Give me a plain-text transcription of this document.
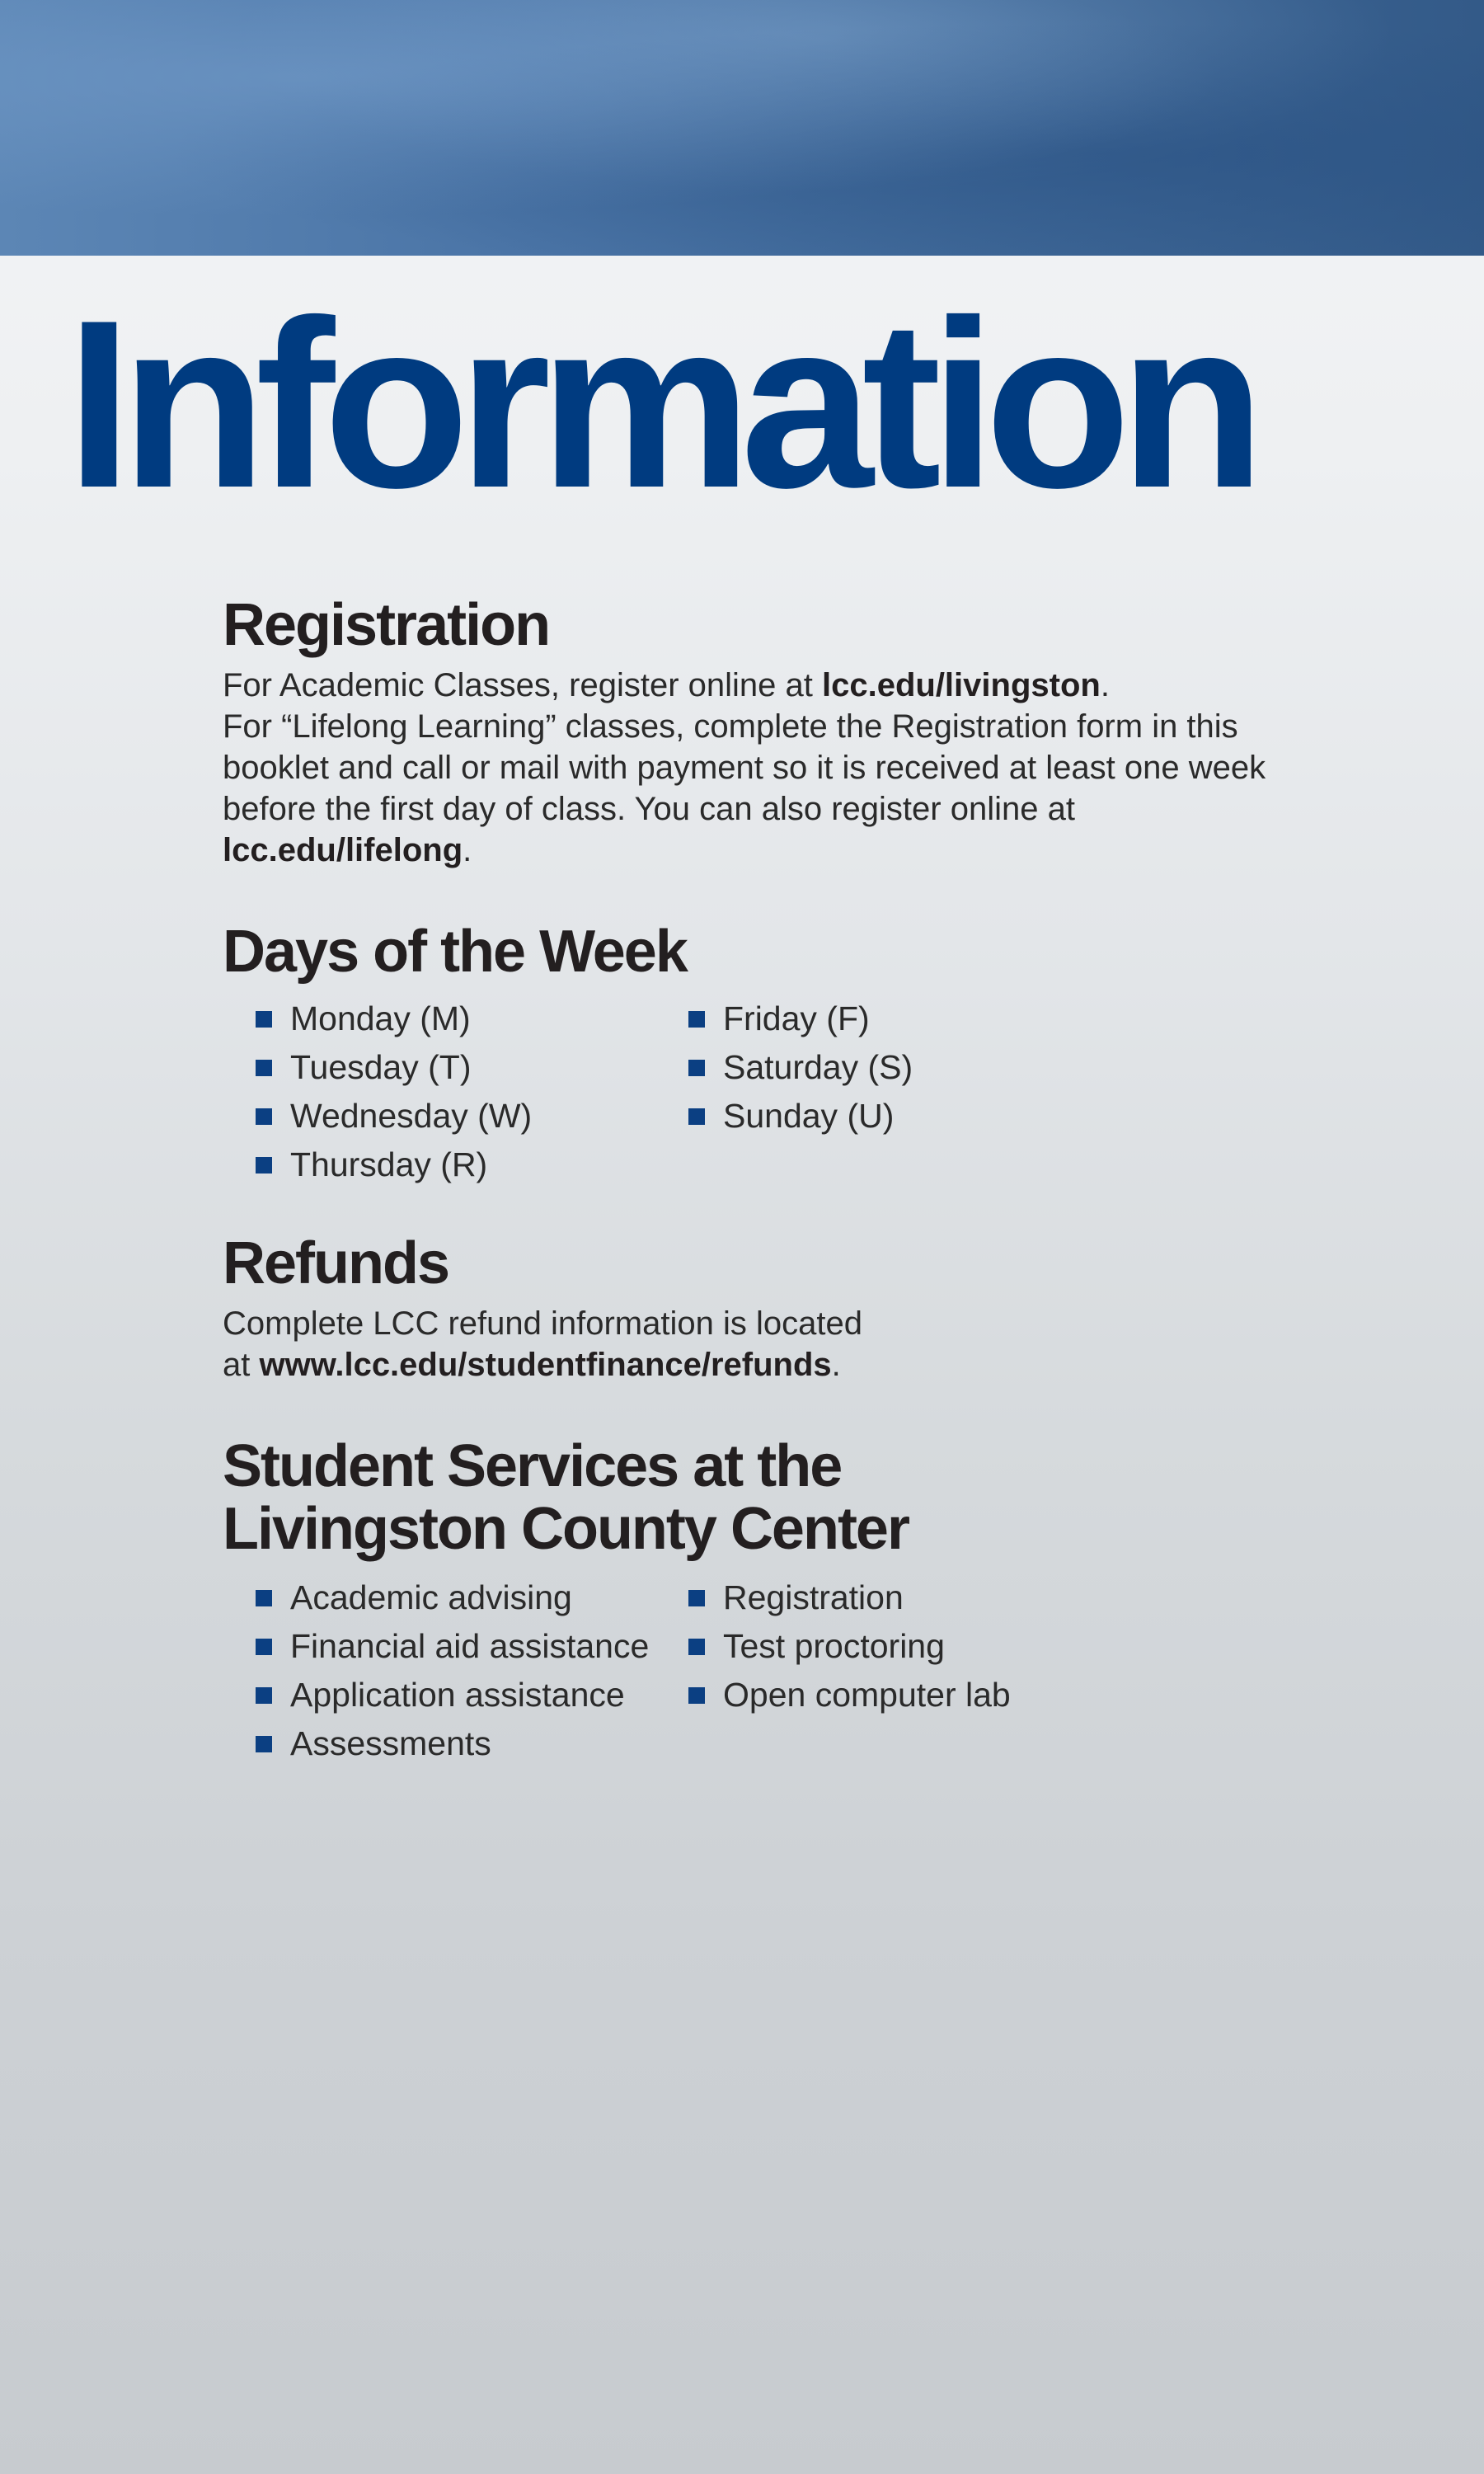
Information
Registration

For Academic Classes, register online at lcc.edu/livingston.
For “Lifelong Learning” classes, complete the Registration form in this booklet and call or mail with payment so it is received at least one week before the first day of class. You can also register online at lcc.edu/lifelong.

Days of the Week
Monday (M)
Tuesday (T)
Wednesday (W)
Thursday (R)
Friday (F)
Saturday (S)
Sunday (U)
Refunds

Complete LCC refund information is located
at www.lcc.edu/studentfinance/refunds.

Student Services at the
Livingston County Center
Academic advising
Financial aid assistance
Application assistance
Assessments
Registration
Test proctoring
Open computer lab
